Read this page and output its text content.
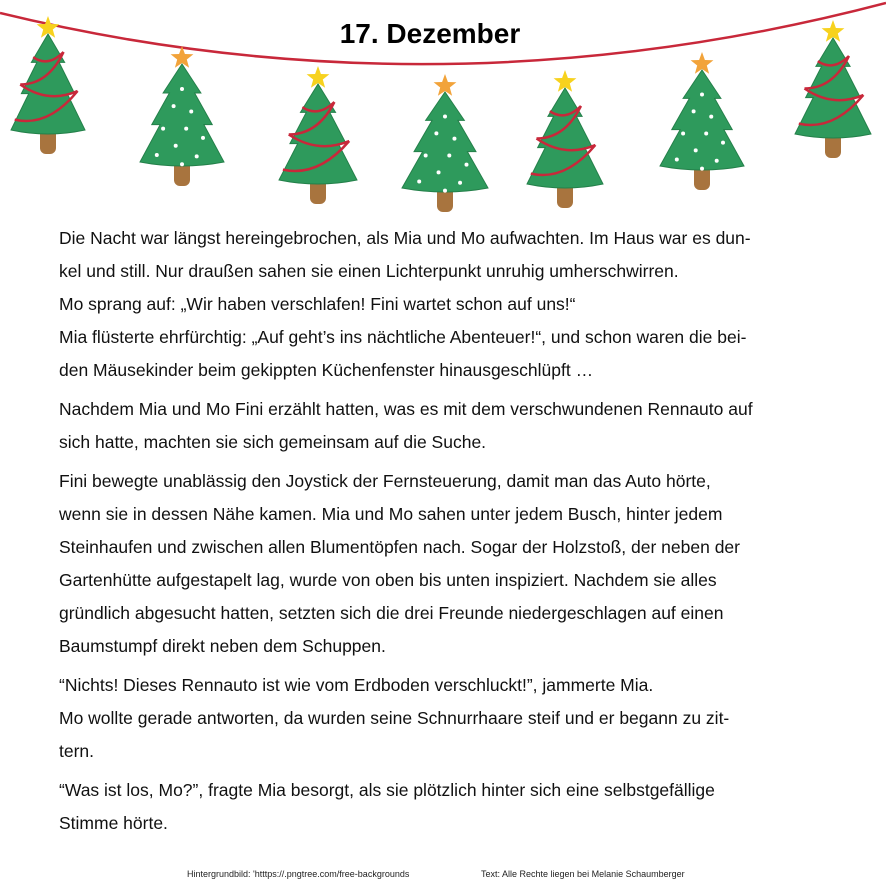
17. Dezember
Die Nacht war längst hereingebrochen, als Mia und Mo aufwachten. Im Haus war es dun-
kel und still. Nur draußen sahen sie einen Lichterpunkt unruhig umherschwirren.
Mo sprang auf: „Wir haben verschlafen! Fini wartet schon auf uns!“
Mia flüsterte ehrfürchtig: „Auf geht’s ins nächtliche Abenteuer!“, und schon waren die bei-
den Mäusekinder beim gekippten Küchenfenster hinausgeschlüpft …
Nachdem Mia und Mo Fini erzählt hatten, was es mit dem verschwundenen Rennauto auf
sich hatte, machten sie sich gemeinsam auf die Suche.
Fini bewegte unablässig den Joystick der Fernsteuerung, damit man das Auto hörte,
wenn sie in dessen Nähe kamen. Mia und Mo sahen unter jedem Busch, hinter jedem
Steinhaufen und zwischen allen Blumentöpfen nach. Sogar der Holzstoß, der neben der
Gartenhütte aufgestapelt lag, wurde von oben bis unten inspiziert. Nachdem sie alles
gründlich abgesucht hatten, setzten sich die drei Freunde niedergeschlagen auf einen
Baumstumpf direkt neben dem Schuppen.
“Nichts! Dieses Rennauto ist wie vom Erdboden verschluckt!”, jammerte Mia.
Mo wollte gerade antworten, da wurden seine Schnurrhaare steif und er begann zu zit-
tern.
“Was ist los, Mo?”, fragte Mia besorgt, als sie plötzlich hinter sich eine selbstgefällige
Stimme hörte.
Hintergrundbild: 'htttps://.pngtree.com/free-backgrounds	Text: Alle Rechte liegen bei Melanie Schaumberger
